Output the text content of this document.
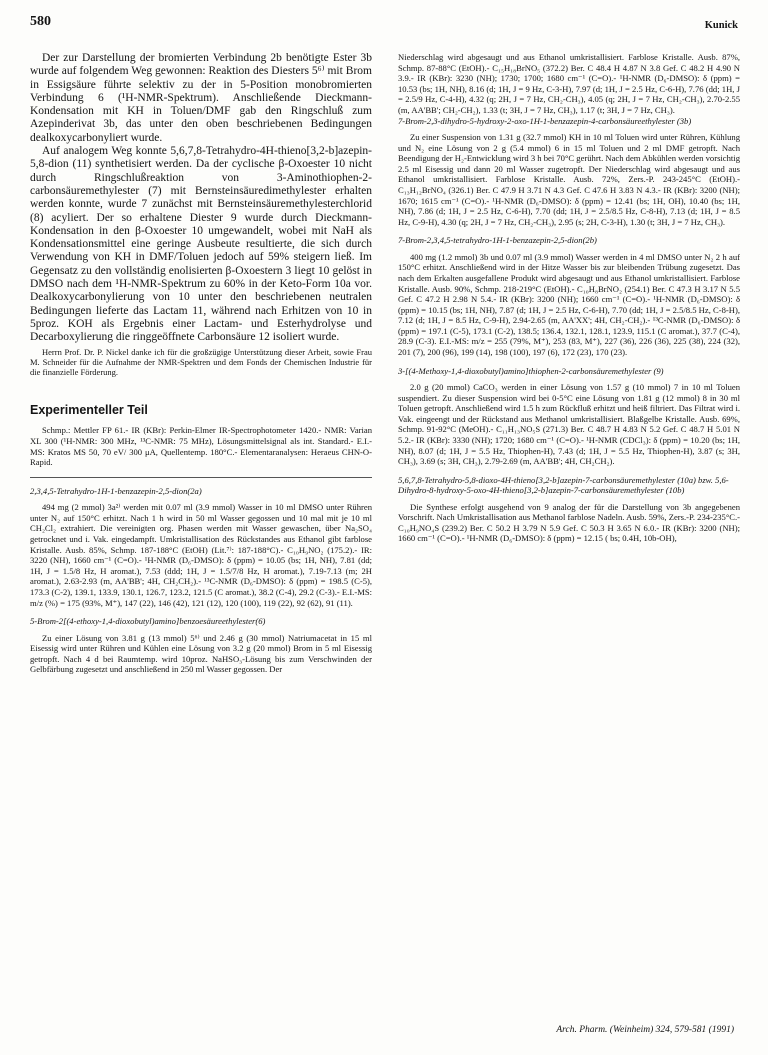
580	Kunick

Der zur Darstellung der bromierten Verbindung 2b benötigte Ester 3b wurde auf folgendem Weg gewonnen: Reaktion des Diesters 5⁶⁾ mit Brom in Essigsäure führte selektiv zu der in 5-Position monobromierten Verbindung 6 (¹H-NMR-Spektrum). Anschließende Dieckmann-Kondensation mit KH in Toluen/DMF gab den Ringschluß zum Azepinderivat 3b, das unter den oben beschriebenen Bedingungen dealkoxycarbonyliert wurde.

Auf analogem Weg konnte 5,6,7,8-Tetrahydro-4H-thieno[3,2-b]azepin-5,8-dion (11) synthetisiert werden. Da der cyclische β-Oxoester 10 nicht durch Ringschlußreaktion von 3-Aminothiophen-2-carbonsäuremethylester (7) mit Bernsteinsäuredimethylester erhalten werden konnte, wurde 7 zunächst mit Bernsteinsäuremethylesterchlorid (8) acyliert. Der so erhaltene Diester 9 wurde durch Dieckmann-Kondensation in den β-Oxoester 10 umgewandelt, wobei mit NaH als Kondensationsmittel eine geringe Ausbeute resultierte, die sich durch Verwendung von KH in DMF/Toluen jedoch auf 59% steigern ließ. Im Gegensatz zu den vollständig enolisierten β-Oxoestern 3 liegt 10 gelöst in DMSO nach dem ¹H-NMR-Spektrum zu 60% in der Keto-Form 10a vor. Dealkoxycarbonylierung von 10 unter den beschriebenen neutralen Bedingungen lieferte das Lactam 11, während nach Erhitzen von 10 in 5proz. KOH als Ergebnis einer Lactam- und Esterhydrolyse und Decarboxylierung die ringgeöffnete Carbonsäure 12 isoliert wurde.

Herrn Prof. Dr. P. Nickel danke ich für die großzügige Unterstützung dieser Arbeit, sowie Frau M. Schneider für die Aufnahme der NMR-Spektren und dem Fonds der Chemischen Industrie für die finanzielle Förderung.

Experimenteller Teil

Schmp.: Mettler FP 61.- IR (KBr): Perkin-Elmer IR-Spectrophotometer 1420.- NMR: Varian XL 300 (¹H-NMR: 300 MHz, ¹³C-NMR: 75 MHz), Lösungsmittelsignal als int. Standard.- E.I.-MS: Kratos MS 50, 70 eV/ 300 μA, Quellentemp. 180°C.- Elementaranalysen: Heraeus CHN-O-Rapid.

2,3,4,5-Tetrahydro-1H-1-benzazepin-2,5-dion(2a)

494 mg (2 mmol) 3a²⁾ werden mit 0.07 ml (3.9 mmol) Wasser in 10 ml DMSO unter Rühren unter N₂ auf 150°C erhitzt. Nach 1 h wird in 50 ml Wasser gegossen und 10 mal mit je 10 ml CH₂Cl₂ extrahiert. Die vereinigten org. Phasen werden mit Wasser gewaschen, über Na₂SO₄ getrocknet und i. Vak. eingedampft. Umkristallisation des Rückstandes aus Ethanol gibt farblose Kristalle. Ausb. 85%, Schmp. 187-188°C (EtOH) (Lit.⁷⁾: 187-188°C).- C₁₀H₉NO₂ (175.2).- IR: 3220 (NH), 1660 cm⁻¹ (C=O).- ¹H-NMR (D₆-DMSO): δ (ppm) = 10.05 (bs; 1H, NH), 7.81 (dd; 1H, J = 1.5/8 Hz, H aromat.), 7.53 (ddd; 1H, J = 1.5/7/8 Hz, H aromat.), 7.19-7.13 (m; 2H aromat.), 2.63-2.93 (m, AA'BB'; 4H, CH₂CH₂).- ¹³C-NMR (D₆-DMSO): δ (ppm) = 198.5 (C-5), 173.3 (C-2), 139.1, 133.9, 130.1, 126.7, 123.2, 121.5 (C aromat.), 38.2 (C-4), 29.2 (C-3).- E.I.-MS: m/z (%) = 175 (93%, M⁺), 147 (22), 146 (42), 121 (12), 120 (100), 119 (22), 92 (62), 91 (11).

5-Brom-2[(4-ethoxy-1,4-dioxobutyl)amino]benzoesäureethylester(6)

Zu einer Lösung von 3.81 g (13 mmol) 5⁶⁾ und 2.46 g (30 mmol) Natriumacetat in 15 ml Eisessig wird unter Rühren und Kühlen eine Lösung von 3.2 g (20 mmol) Brom in 5 ml Eisessig getropft. Nach 4 d bei Raumtemp. wird 10proz. NaHSO₃-Lösung bis zum Verschwinden der Gelbfärbung zugesetzt und anschließend in 250 ml Wasser gegossen. Der

Niederschlag wird abgesaugt und aus Ethanol umkristallisiert. Farblose Kristalle. Ausb. 87%, Schmp. 87-88°C (EtOH).- C₁₅H₁₈BrNO₅ (372.2) Ber. C 48.4 H 4.87 N 3.8 Gef. C 48.2 H 4.90 N 3.9.- IR (KBr): 3230 (NH); 1730; 1700; 1680 cm⁻¹ (C=O).- ¹H-NMR (D₆-DMSO): δ (ppm) = 10.53 (bs; 1H, NH), 8.16 (d; 1H, J = 9 Hz, C-3-H), 7.97 (d; 1H, J = 2.5 Hz, C-6-H), 7.76 (dd; 1H, J = 2.5/9 Hz, C-4-H), 4.32 (q; 2H, J = 7 Hz, CH₂-CH₃), 4.05 (q; 2H, J = 7 Hz, CH₂-CH₃), 2.70-2.55 (m, AA'BB'; CH₂-CH₂), 1.33 (t; 3H, J = 7 Hz, CH₃), 1.17 (t; 3H, J = 7 Hz, CH₃).

7-Brom-2,3-dihydro-5-hydroxy-2-oxo-1H-1-benzazepin-4-carbonsäureethylester (3b)

Zu einer Suspension von 1.31 g (32.7 mmol) KH in 10 ml Toluen wird unter Rühren, Kühlung und N₂ eine Lösung von 2 g (5.4 mmol) 6 in 15 ml Toluen und 2 ml DMF getropft. Nach Beendigung der H₂-Entwicklung wird 3 h bei 70°C gerührt. Nach dem Abkühlen werden vorsichtig 2.5 ml Eisessig und dann 20 ml Wasser zugetropft. Der Niederschlag wird abgesaugt und aus Ethanol umkristallisiert. Farblose Kristalle. Ausb. 72%, Zers.-P. 243-245°C (EtOH).- C₁₃H₁₂BrNO₄ (326.1) Ber. C 47.9 H 3.71 N 4.3 Gef. C 47.6 H 3.83 N 4.3.- IR (KBr): 3200 (NH); 1670; 1615 cm⁻¹ (C=O).- ¹H-NMR (D₆-DMSO): δ (ppm) = 12.41 (bs; 1H, OH), 10.40 (bs; 1H, NH), 7.86 (d; 1H, J = 2.5 Hz, C-6-H), 7.70 (dd; 1H, J = 2.5/8.5 Hz, C-8-H), 7.13 (d; 1H, J = 8.5 Hz, C-9-H), 4.30 (q; 2H, J = 7 Hz, CH₂-CH₃), 2.95 (s; 2H, C-3-H), 1.30 (t; 3H, J = 7 Hz, CH₃).

7-Brom-2,3,4,5-tetrahydro-1H-1-benzazepin-2,5-dion(2b)

400 mg (1.2 mmol) 3b und 0.07 ml (3.9 mmol) Wasser werden in 4 ml DMSO unter N₂ 2 h auf 150°C erhitzt. Anschließend wird in der Hitze Wasser bis zur bleibenden Trübung zugesetzt. Das nach dem Erkalten ausgefallene Produkt wird abgesaugt und aus Ethanol umkristallisiert. Farblose Kristalle. Ausb. 90%, Schmp. 218-219°C (EtOH).- C₁₀H₈BrNO₂ (254.1) Ber. C 47.3 H 3.17 N 5.5 Gef. C 47.2 H 2.98 N 5.4.- IR (KBr): 3200 (NH); 1660 cm⁻¹ (C=O).- ¹H-NMR (D₆-DMSO): δ (ppm) = 10.15 (bs; 1H, NH), 7.87 (d; 1H, J = 2.5 Hz, C-6-H), 7.70 (dd; 1H, J = 2.5/8.5 Hz, C-8-H), 7.12 (d; 1H, J = 8.5 Hz, C-9-H), 2.94-2.65 (m, AA'XX'; 4H, CH₂-CH₂).- ¹³C-NMR (D₆-DMSO): δ (ppm) = 197.1 (C-5), 173.1 (C-2), 138.5; 136.4, 132.1, 128.1, 123.9, 115.1 (C aromat.), 37.7 (C-4), 28.9 (C-3). E.I.-MS: m/z = 255 (79%, M⁺), 253 (83, M⁺), 227 (36), 226 (36), 225 (38), 224 (32), 201 (7), 200 (96), 199 (14), 198 (100), 197 (6), 172 (23), 170 (23).

3-[(4-Methoxy-1,4-dioxobutyl)amino]thiophen-2-carbonsäuremethylester (9)

2.0 g (20 mmol) CaCO₃ werden in einer Lösung von 1.57 g (10 mmol) 7 in 10 ml Toluen suspendiert. Zu dieser Suspension wird bei 0-5°C eine Lösung von 1.81 g (12 mmol) 8 in 30 ml Toluen getropft. Anschließend wird 1.5 h zum Rückfluß erhitzt und heiß filtriert. Das Filtrat wird i. Vak. eingeengt und der Rückstand aus Methanol umkristallisiert. Blaßgelbe Kristalle. Ausb. 69%, Schmp. 91-92°C (MeOH).- C₁₁H₁₃NO₅S (271.3) Ber. C 48.7 H 4.83 N 5.2 Gef. C 48.7 H 5.01 N 5.2.- IR (KBr): 3330 (NH); 1720; 1680 cm⁻¹ (C=O).- ¹H-NMR (CDCl₃): δ (ppm) = 10.20 (bs; 1H, NH), 8.07 (d; 1H, J = 5.5 Hz, Thiophen-H), 7.43 (d; 1H, J = 5.5 Hz, Thiophen-H), 3.87 (s; 3H, CH₃), 3.69 (s; 3H, CH₃), 2.79-2.69 (m, AA'BB'; 4H, CH₂CH₂).

5,6,7,8-Tetrahydro-5,8-dioxo-4H-thieno[3,2-b]azepin-7-carbonsäuremethylester (10a) bzw. 5,6-Dihydro-8-hydroxy-5-oxo-4H-thieno[3,2-b]azepin-7-carbonsäuremethylester (10b)

Die Synthese erfolgt ausgehend von 9 analog der für die Darstellung von 3b angegebenen Vorschrift. Nach Umkristallisation aus Methanol farblose Nadeln. Ausb. 59%, Zers.-P. 234-235°C.- C₁₀H₉NO₄S (239.2) Ber. C 50.2 H 3.79 N 5.9 Gef. C 50.3 H 3.65 N 6.0.- IR (KBr): 3200 (NH); 1660 cm⁻¹ (C=O).- ¹H-NMR (D₆-DMSO): δ (ppm) = 12.15 ( bs; 0.4H, 10b-OH),

Arch. Pharm. (Weinheim) 324, 579-581 (1991)
